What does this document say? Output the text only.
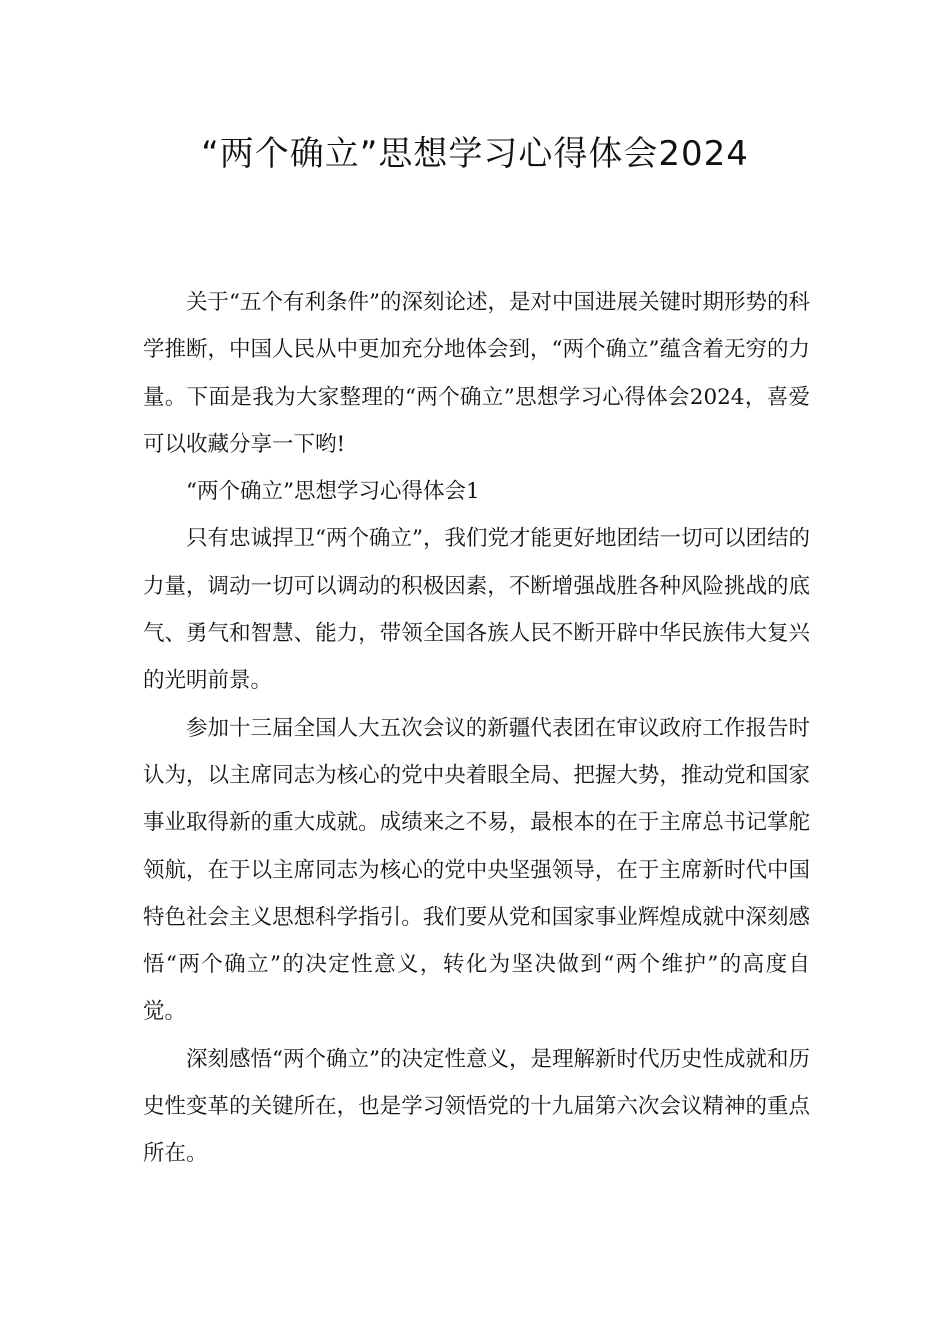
“两个确立”思想学习心得体会2024

关于“五个有利条件”的深刻论述，是对中国进展关键时期形势的科学推断，中国人民从中更加充分地体会到，“两个确立”蕴含着无穷的力量。下面是我为大家整理的“两个确立”思想学习心得体会2024，喜爱可以收藏分享一下哟!

“两个确立”思想学习心得体会1

只有忠诚捍卫“两个确立”，我们党才能更好地团结一切可以团结的力量，调动一切可以调动的积极因素，不断增强战胜各种风险挑战的底气、勇气和智慧、能力，带领全国各族人民不断开辟中华民族伟大复兴的光明前景。

参加十三届全国人大五次会议的新疆代表团在审议政府工作报告时认为，以主席同志为核心的党中央着眼全局、把握大势，推动党和国家事业取得新的重大成就。成绩来之不易，最根本的在于主席总书记掌舵领航，在于以主席同志为核心的党中央坚强领导，在于主席新时代中国特色社会主义思想科学指引。我们要从党和国家事业辉煌成就中深刻感悟“两个确立”的决定性意义，转化为坚决做到“两个维护”的高度自觉。

深刻感悟“两个确立”的决定性意义，是理解新时代历史性成就和历史性变革的关键所在，也是学习领悟党的十九届第六次会议精神的重点所在。
